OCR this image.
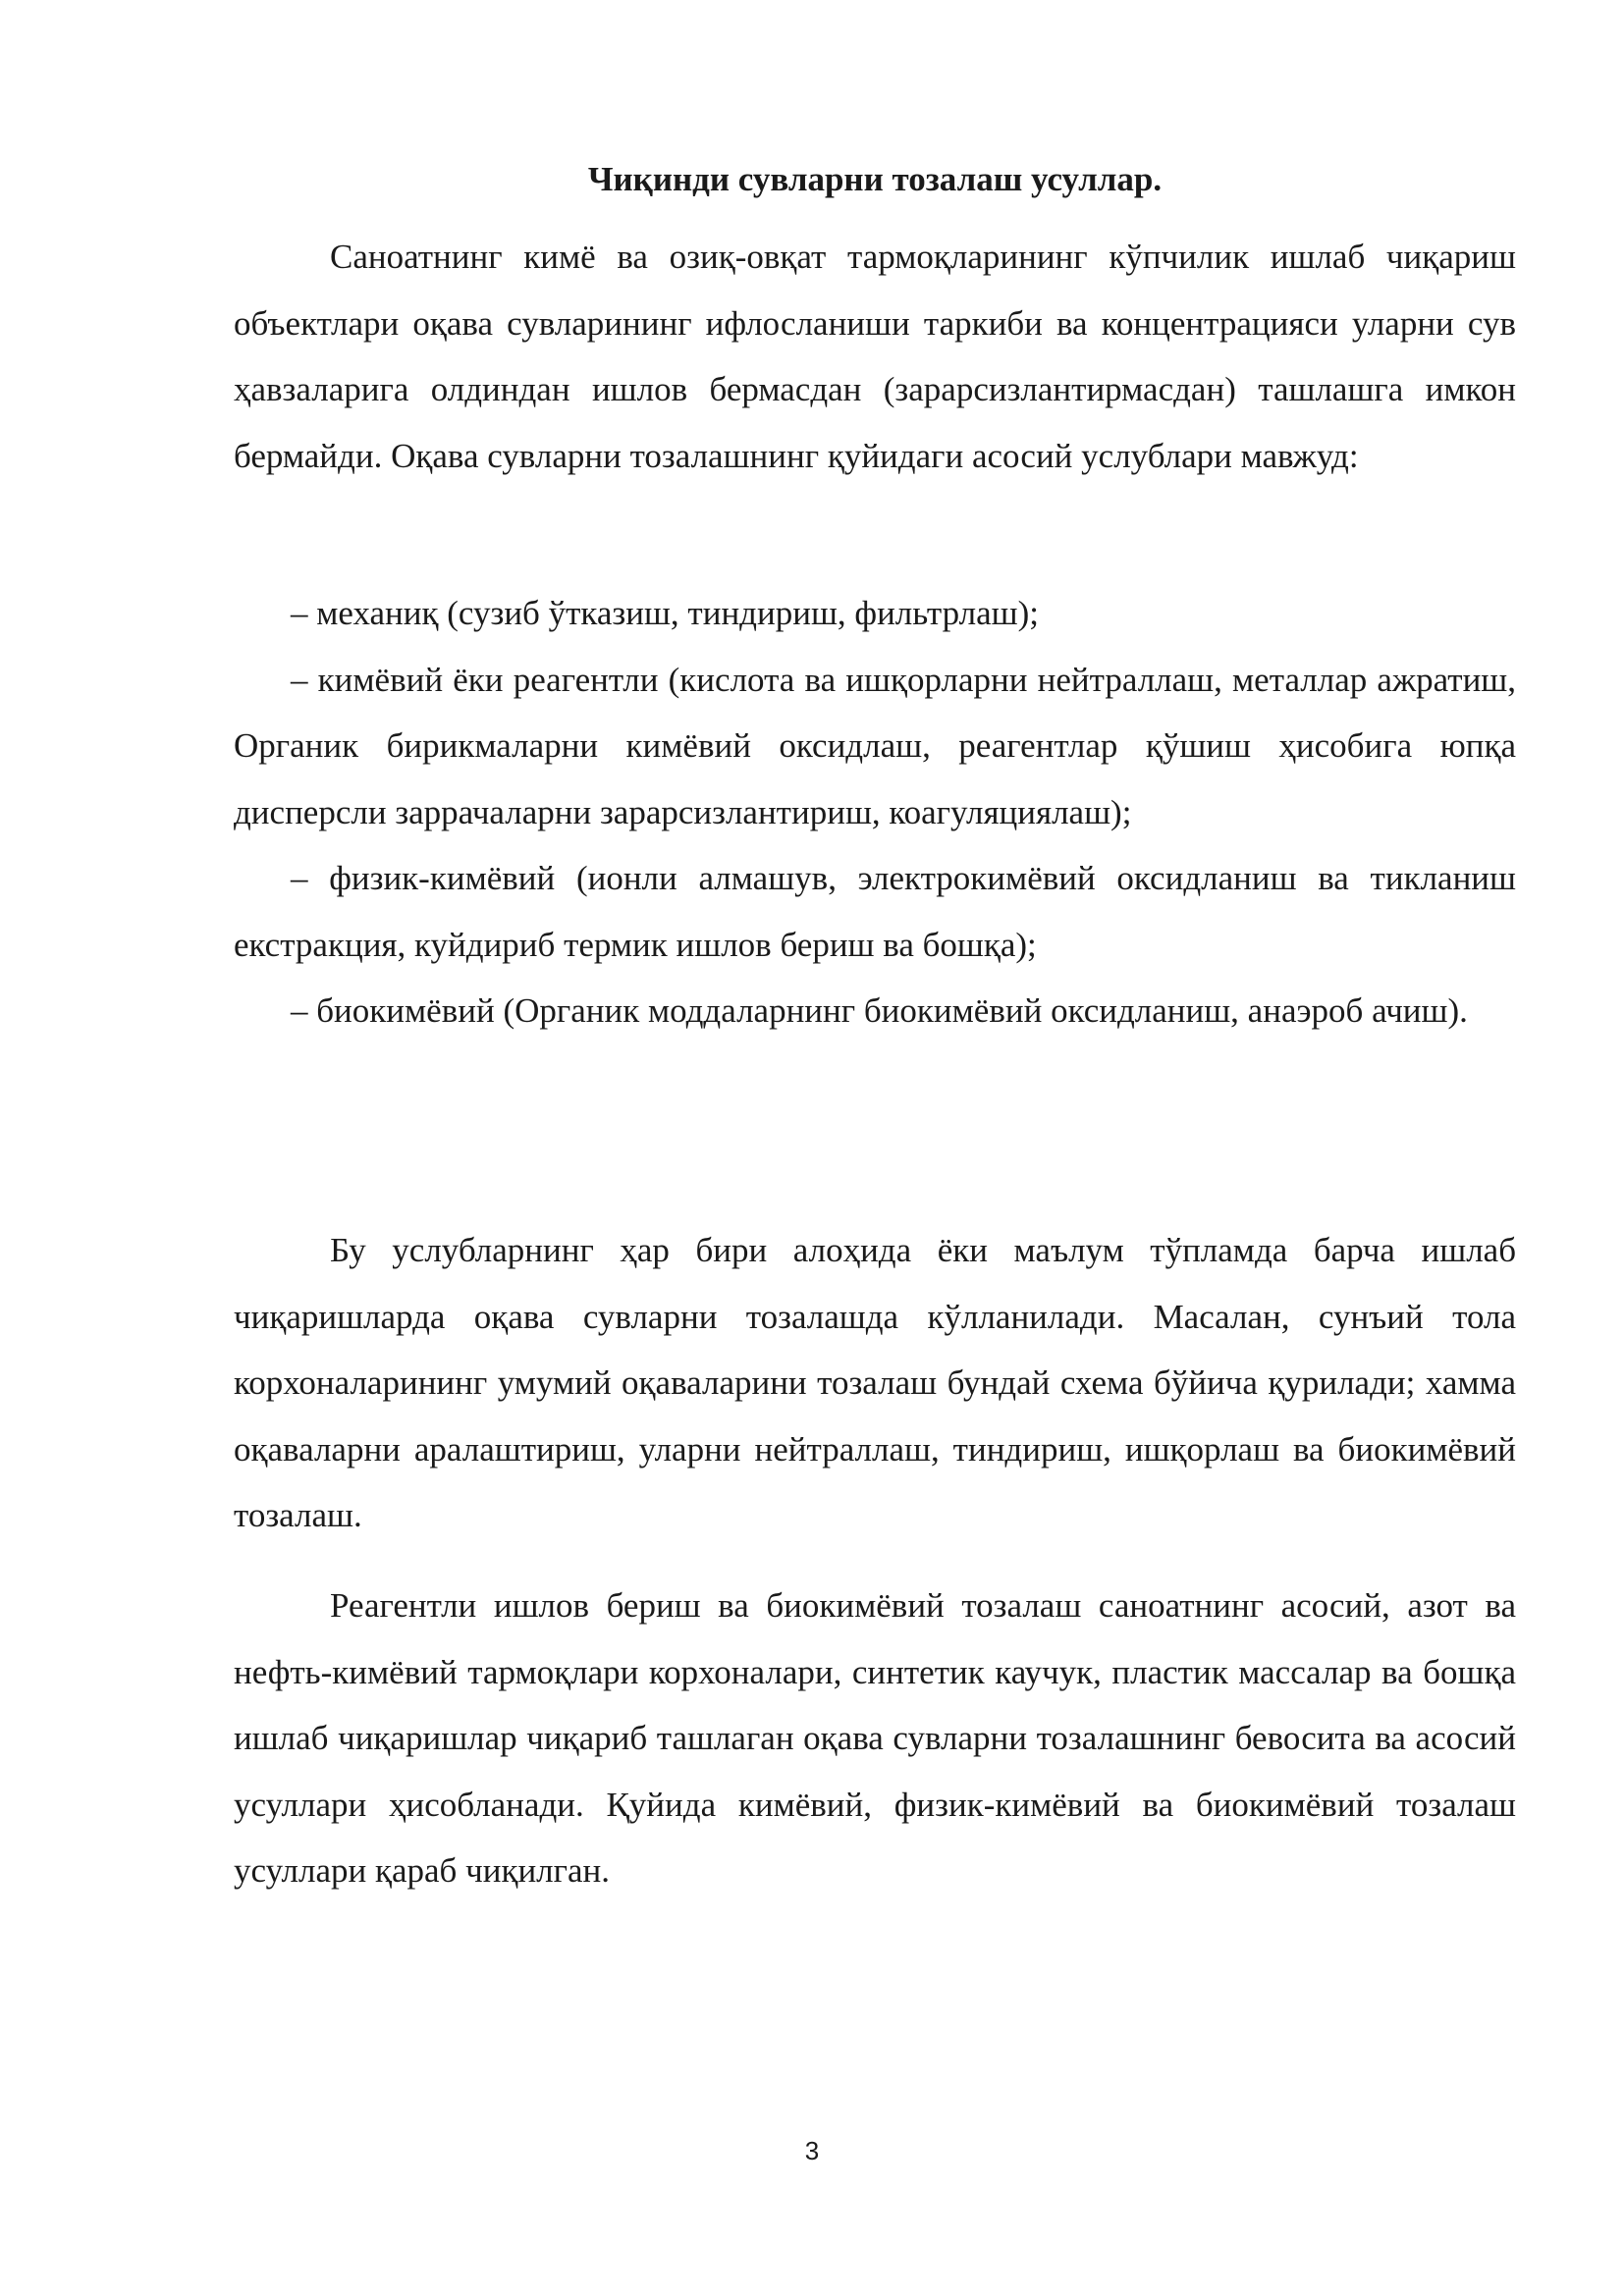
Чиқинди сувларни тозалаш усуллар.

Саноатнинг кимё ва озиқ-овқат тармоқларининг кўпчилик ишлаб чиқариш объектлари оқава сувларининг ифлосланиши таркиби ва концентрацияси уларни сув ҳавзаларига олдиндан ишлов бермасдан (зарарсизлантирмасдан) ташлашга имкон бермайди. Оқава сувларни тозалашнинг қуйидаги асосий услублари мавжуд:

– механиқ (сузиб ўтказиш, тиндириш, фильтрлаш);

– кимёвий ёки реагентли (кислота ва ишқорларни нейтраллаш, металлар ажратиш, Органик бирикмаларни кимёвий оксидлаш, реагентлар қўшиш ҳисобига юпқа дисперсли заррачаларни зарарсизлантириш, коагуляциялаш);

– физик-кимёвий (ионли алмашув, электрокимёвий оксидланиш ва тикланиш екстракция, куйдириб термик ишлов бериш ва бошқа);

– биокимёвий (Органик моддаларнинг биокимёвий оксидланиш, анаэроб ачиш).

Бу услубларнинг ҳар бири алоҳида ёки маълум тўпламда барча ишлаб чиқаришларда оқава сувларни тозалашда кўлланилади. Масалан, сунъий тола корхоналарининг умумий оқаваларини тозалаш бундай схема бўйича қурилади; хамма оқаваларни аралаштириш, уларни нейтраллаш, тиндириш, ишқорлаш ва биокимёвий тозалаш.

Реагентли ишлов бериш ва биокимёвий тозалаш саноатнинг асосий, азот ва нефть-кимёвий тармоқлари корхоналари, синтетик каучук, пластик массалар ва бошқа ишлаб чиқаришлар чиқариб ташлаган оқава сувларни тозалашнинг бевосита ва асосий усуллари ҳисобланади. Қуйида кимёвий, физик-кимёвий ва биокимёвий тозалаш усуллари қараб чиқилган.

3
